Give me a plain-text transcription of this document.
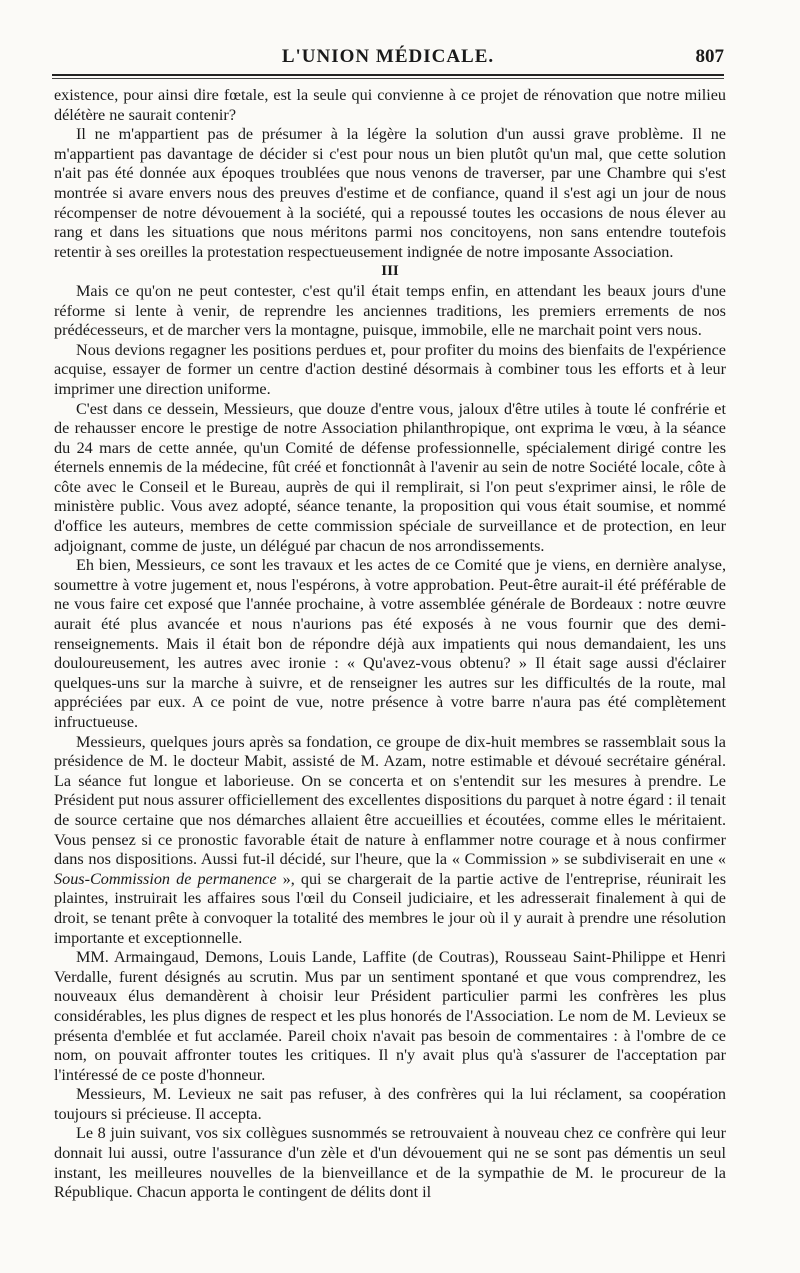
L'UNION MÉDICALE.	807

existence, pour ainsi dire fœtale, est la seule qui convienne à ce projet de rénovation que notre milieu délétère ne saurait contenir?

Il ne m'appartient pas de présumer à la légère la solution d'un aussi grave problème. Il ne m'appartient pas davantage de décider si c'est pour nous un bien plutôt qu'un mal, que cette solution n'ait pas été donnée aux époques troublées que nous venons de traverser, par une Chambre qui s'est montrée si avare envers nous des preuves d'estime et de confiance, quand il s'est agi un jour de nous récompenser de notre dévouement à la société, qui a repoussé toutes les occasions de nous élever au rang et dans les situations que nous méritons parmi nos concitoyens, non sans entendre toutefois retentir à ses oreilles la protestation respectueusement indignée de notre imposante Association.

III

Mais ce qu'on ne peut contester, c'est qu'il était temps enfin, en attendant les beaux jours d'une réforme si lente à venir, de reprendre les anciennes traditions, les premiers errements de nos prédécesseurs, et de marcher vers la montagne, puisque, immobile, elle ne marchait point vers nous.

Nous devions regagner les positions perdues et, pour profiter du moins des bienfaits de l'expérience acquise, essayer de former un centre d'action destiné désormais à combiner tous les efforts et à leur imprimer une direction uniforme.

C'est dans ce dessein, Messieurs, que douze d'entre vous, jaloux d'être utiles à toute lé confrérie et de rehausser encore le prestige de notre Association philanthropique, ont exprima le vœu, à la séance du 24 mars de cette année, qu'un Comité de défense professionnelle, spécialement dirigé contre les éternels ennemis de la médecine, fût créé et fonctionnât à l'avenir au sein de notre Société locale, côte à côte avec le Conseil et le Bureau, auprès de qui il remplirait, si l'on peut s'exprimer ainsi, le rôle de ministère public. Vous avez adopté, séance tenante, la proposition qui vous était soumise, et nommé d'office les auteurs, membres de cette commission spéciale de surveillance et de protection, en leur adjoignant, comme de juste, un délégué par chacun de nos arrondissements.

Eh bien, Messieurs, ce sont les travaux et les actes de ce Comité que je viens, en dernière analyse, soumettre à votre jugement et, nous l'espérons, à votre approbation. Peut-être aurait-il été préférable de ne vous faire cet exposé que l'année prochaine, à votre assemblée générale de Bordeaux : notre œuvre aurait été plus avancée et nous n'aurions pas été exposés à ne vous fournir que des demi-renseignements. Mais il était bon de répondre déjà aux impatients qui nous demandaient, les uns douloureusement, les autres avec ironie : « Qu'avez-vous obtenu? » Il était sage aussi d'éclairer quelques-uns sur la marche à suivre, et de renseigner les autres sur les difficultés de la route, mal appréciées par eux. A ce point de vue, notre présence à votre barre n'aura pas été complètement infructueuse.

Messieurs, quelques jours après sa fondation, ce groupe de dix-huit membres se rassemblait sous la présidence de M. le docteur Mabit, assisté de M. Azam, notre estimable et dévoué secrétaire général. La séance fut longue et laborieuse. On se concerta et on s'entendit sur les mesures à prendre. Le Président put nous assurer officiellement des excellentes dispositions du parquet à notre égard : il tenait de source certaine que nos démarches allaient être accueillies et écoutées, comme elles le méritaient. Vous pensez si ce pronostic favorable était de nature à enflammer notre courage et à nous confirmer dans nos dispositions. Aussi fut-il décidé, sur l'heure, que la « Commission » se subdiviserait en une « Sous-Commission de permanence », qui se chargerait de la partie active de l'entreprise, réunirait les plaintes, instruirait les affaires sous l'œil du Conseil judiciaire, et les adresserait finalement à qui de droit, se tenant prête à convoquer la totalité des membres le jour où il y aurait à prendre une résolution importante et exceptionnelle.

MM. Armaingaud, Demons, Louis Lande, Laffite (de Coutras), Rousseau Saint-Philippe et Henri Verdalle, furent désignés au scrutin. Mus par un sentiment spontané et que vous comprendrez, les nouveaux élus demandèrent à choisir leur Président particulier parmi les confrères les plus considérables, les plus dignes de respect et les plus honorés de l'Association. Le nom de M. Levieux se présenta d'emblée et fut acclamée. Pareil choix n'avait pas besoin de commentaires : à l'ombre de ce nom, on pouvait affronter toutes les critiques. Il n'y avait plus qu'à s'assurer de l'acceptation par l'intéressé de ce poste d'honneur.

Messieurs, M. Levieux ne sait pas refuser, à des confrères qui la lui réclament, sa coopération toujours si précieuse. Il accepta.

Le 8 juin suivant, vos six collègues susnommés se retrouvaient à nouveau chez ce confrère qui leur donnait lui aussi, outre l'assurance d'un zèle et d'un dévouement qui ne se sont pas démentis un seul instant, les meilleures nouvelles de la bienveillance et de la sympathie de M. le procureur de la République. Chacun apporta le contingent de délits dont il
